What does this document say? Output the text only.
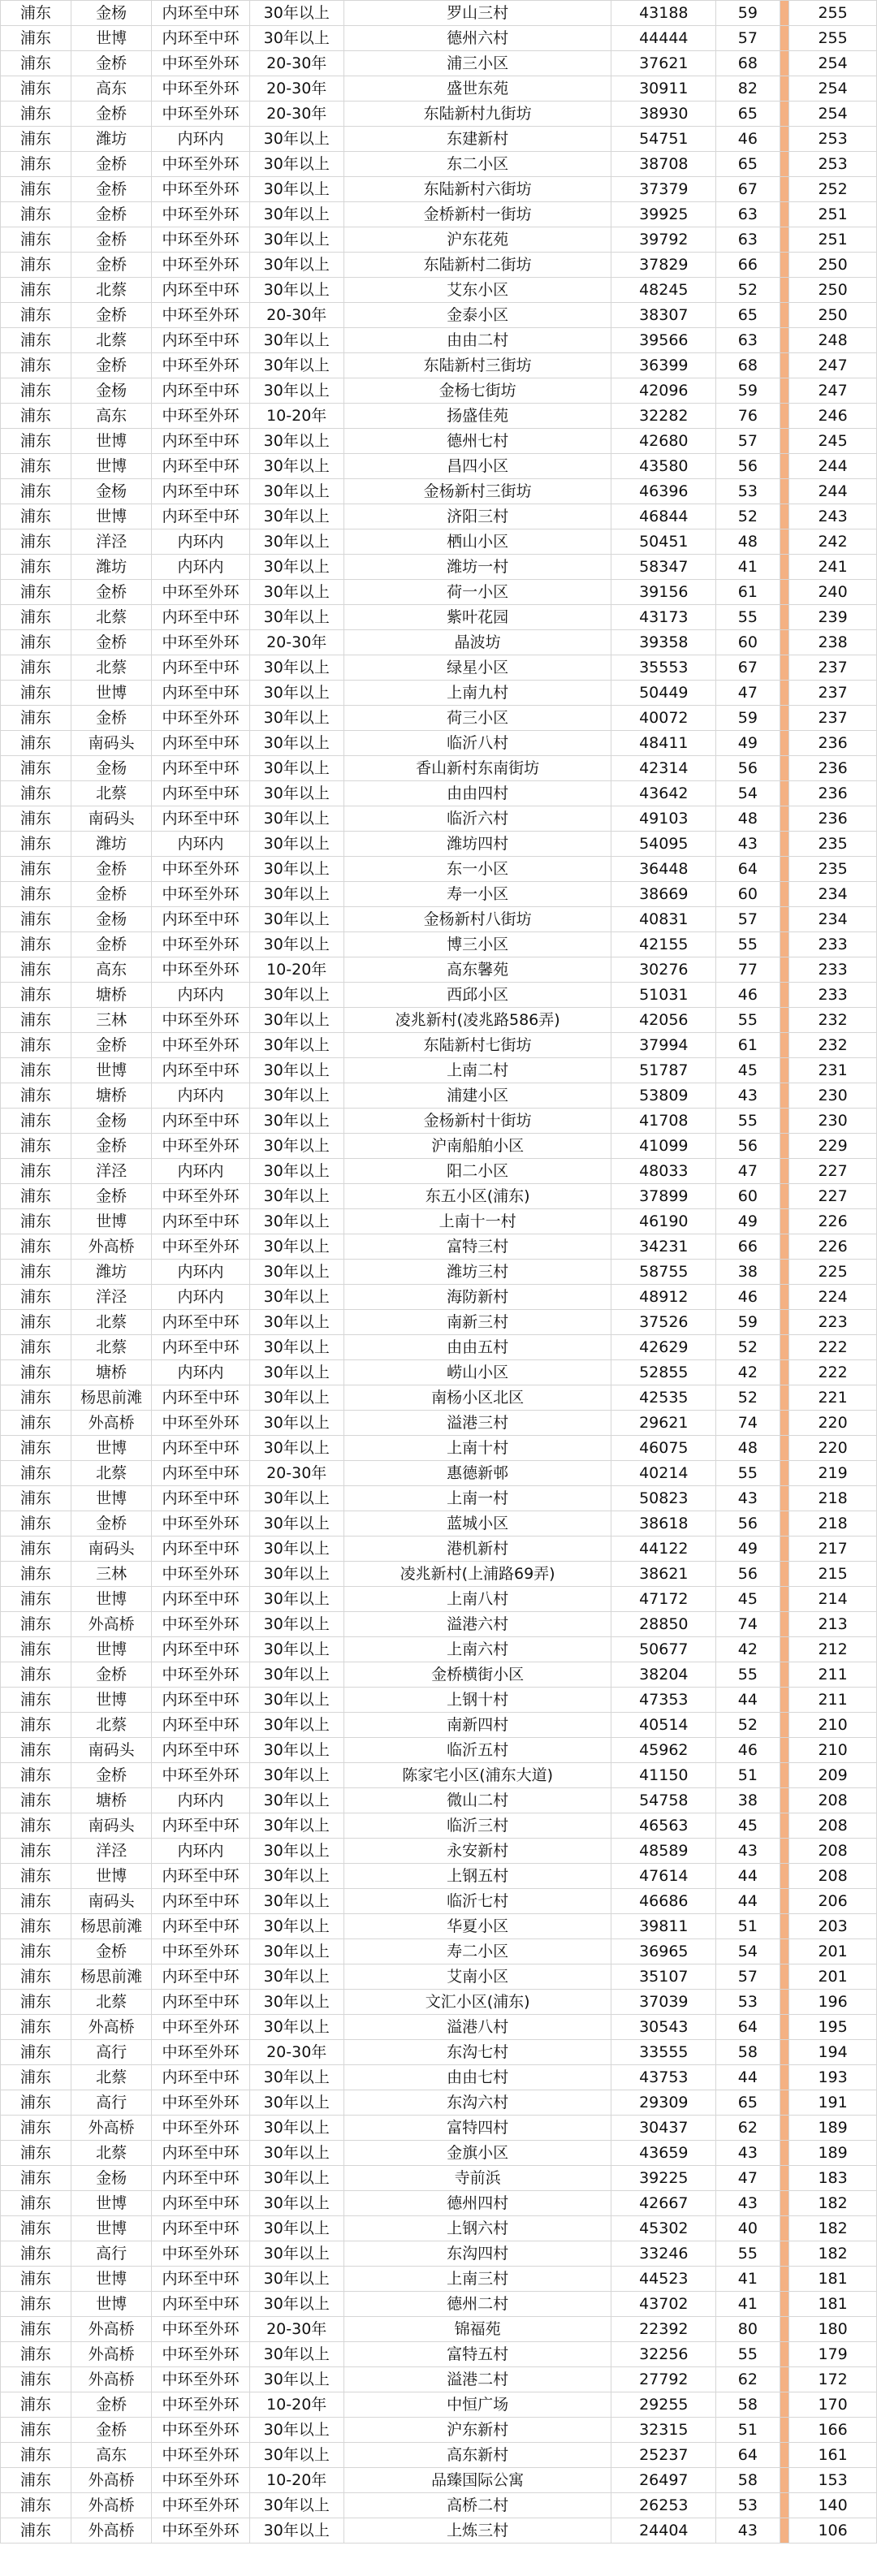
浦东	金杨	内环至中环	30年以上	罗山三村	43188	59		255
浦东	世博	内环至中环	30年以上	德州六村	44444	57		255
浦东	金桥	中环至外环	20-30年	浦三小区	37621	68		254
浦东	高东	中环至外环	20-30年	盛世东苑	30911	82		254
浦东	金桥	中环至外环	20-30年	东陆新村九街坊	38930	65		254
浦东	潍坊	内环内	30年以上	东建新村	54751	46		253
浦东	金桥	中环至外环	30年以上	东二小区	38708	65		253
浦东	金桥	中环至外环	30年以上	东陆新村六街坊	37379	67		252
浦东	金桥	中环至外环	30年以上	金桥新村一街坊	39925	63		251
浦东	金桥	中环至外环	30年以上	沪东花苑	39792	63		251
浦东	金桥	中环至外环	30年以上	东陆新村二街坊	37829	66		250
浦东	北蔡	内环至中环	30年以上	艾东小区	48245	52		250
浦东	金桥	中环至外环	20-30年	金泰小区	38307	65		250
浦东	北蔡	内环至中环	30年以上	由由二村	39566	63		248
浦东	金桥	中环至外环	30年以上	东陆新村三街坊	36399	68		247
浦东	金杨	内环至中环	30年以上	金杨七街坊	42096	59		247
浦东	高东	中环至外环	10-20年	扬盛佳苑	32282	76		246
浦东	世博	内环至中环	30年以上	德州七村	42680	57		245
浦东	世博	内环至中环	30年以上	昌四小区	43580	56		244
浦东	金杨	内环至中环	30年以上	金杨新村三街坊	46396	53		244
浦东	世博	内环至中环	30年以上	济阳三村	46844	52		243
浦东	洋泾	内环内	30年以上	栖山小区	50451	48		242
浦东	潍坊	内环内	30年以上	潍坊一村	58347	41		241
浦东	金桥	中环至外环	30年以上	荷一小区	39156	61		240
浦东	北蔡	内环至中环	30年以上	紫叶花园	43173	55		239
浦东	金桥	中环至外环	20-30年	晶波坊	39358	60		238
浦东	北蔡	内环至中环	30年以上	绿星小区	35553	67		237
浦东	世博	内环至中环	30年以上	上南九村	50449	47		237
浦东	金桥	中环至外环	30年以上	荷三小区	40072	59		237
浦东	南码头	内环至中环	30年以上	临沂八村	48411	49		236
浦东	金杨	内环至中环	30年以上	香山新村东南街坊	42314	56		236
浦东	北蔡	内环至中环	30年以上	由由四村	43642	54		236
浦东	南码头	内环至中环	30年以上	临沂六村	49103	48		236
浦东	潍坊	内环内	30年以上	潍坊四村	54095	43		235
浦东	金桥	中环至外环	30年以上	东一小区	36448	64		235
浦东	金桥	中环至外环	30年以上	寿一小区	38669	60		234
浦东	金杨	内环至中环	30年以上	金杨新村八街坊	40831	57		234
浦东	金桥	中环至外环	30年以上	博三小区	42155	55		233
浦东	高东	中环至外环	10-20年	高东馨苑	30276	77		233
浦东	塘桥	内环内	30年以上	西邱小区	51031	46		233
浦东	三林	中环至外环	30年以上	凌兆新村(凌兆路586弄)	42056	55		232
浦东	金桥	中环至外环	30年以上	东陆新村七街坊	37994	61		232
浦东	世博	内环至中环	30年以上	上南二村	51787	45		231
浦东	塘桥	内环内	30年以上	浦建小区	53809	43		230
浦东	金杨	内环至中环	30年以上	金杨新村十街坊	41708	55		230
浦东	金桥	中环至外环	30年以上	沪南船舶小区	41099	56		229
浦东	洋泾	内环内	30年以上	阳二小区	48033	47		227
浦东	金桥	中环至外环	30年以上	东五小区(浦东)	37899	60		227
浦东	世博	内环至中环	30年以上	上南十一村	46190	49		226
浦东	外高桥	中环至外环	30年以上	富特三村	34231	66		226
浦东	潍坊	内环内	30年以上	潍坊三村	58755	38		225
浦东	洋泾	内环内	30年以上	海防新村	48912	46		224
浦东	北蔡	内环至中环	30年以上	南新三村	37526	59		223
浦东	北蔡	内环至中环	30年以上	由由五村	42629	52		222
浦东	塘桥	内环内	30年以上	崂山小区	52855	42		222
浦东	杨思前滩	内环至中环	30年以上	南杨小区北区	42535	52		221
浦东	外高桥	中环至外环	30年以上	溢港三村	29621	74		220
浦东	世博	内环至中环	30年以上	上南十村	46075	48		220
浦东	北蔡	内环至中环	20-30年	惠德新邨	40214	55		219
浦东	世博	内环至中环	30年以上	上南一村	50823	43		218
浦东	金桥	中环至外环	30年以上	蓝城小区	38618	56		218
浦东	南码头	内环至中环	30年以上	港机新村	44122	49		217
浦东	三林	中环至外环	30年以上	凌兆新村(上浦路69弄)	38621	56		215
浦东	世博	内环至中环	30年以上	上南八村	47172	45		214
浦东	外高桥	中环至外环	30年以上	溢港六村	28850	74		213
浦东	世博	内环至中环	30年以上	上南六村	50677	42		212
浦东	金桥	中环至外环	30年以上	金桥横街小区	38204	55		211
浦东	世博	内环至中环	30年以上	上钢十村	47353	44		211
浦东	北蔡	内环至中环	30年以上	南新四村	40514	52		210
浦东	南码头	内环至中环	30年以上	临沂五村	45962	46		210
浦东	金桥	中环至外环	30年以上	陈家宅小区(浦东大道)	41150	51		209
浦东	塘桥	内环内	30年以上	微山二村	54758	38		208
浦东	南码头	内环至中环	30年以上	临沂三村	46563	45		208
浦东	洋泾	内环内	30年以上	永安新村	48589	43		208
浦东	世博	内环至中环	30年以上	上钢五村	47614	44		208
浦东	南码头	内环至中环	30年以上	临沂七村	46686	44		206
浦东	杨思前滩	内环至中环	30年以上	华夏小区	39811	51		203
浦东	金桥	中环至外环	30年以上	寿二小区	36965	54		201
浦东	杨思前滩	内环至中环	30年以上	艾南小区	35107	57		201
浦东	北蔡	内环至中环	30年以上	文汇小区(浦东)	37039	53		196
浦东	外高桥	中环至外环	30年以上	溢港八村	30543	64		195
浦东	高行	中环至外环	20-30年	东沟七村	33555	58		194
浦东	北蔡	内环至中环	30年以上	由由七村	43753	44		193
浦东	高行	中环至外环	30年以上	东沟六村	29309	65		191
浦东	外高桥	中环至外环	30年以上	富特四村	30437	62		189
浦东	北蔡	内环至中环	30年以上	金旗小区	43659	43		189
浦东	金杨	内环至中环	30年以上	寺前浜	39225	47		183
浦东	世博	内环至中环	30年以上	德州四村	42667	43		182
浦东	世博	内环至中环	30年以上	上钢六村	45302	40		182
浦东	高行	中环至外环	30年以上	东沟四村	33246	55		182
浦东	世博	内环至中环	30年以上	上南三村	44523	41		181
浦东	世博	内环至中环	30年以上	德州二村	43702	41		181
浦东	外高桥	中环至外环	20-30年	锦福苑	22392	80		180
浦东	外高桥	中环至外环	30年以上	富特五村	32256	55		179
浦东	外高桥	中环至外环	30年以上	溢港二村	27792	62		172
浦东	金桥	中环至外环	10-20年	中恒广场	29255	58		170
浦东	金桥	中环至外环	30年以上	沪东新村	32315	51		166
浦东	高东	中环至外环	30年以上	高东新村	25237	64		161
浦东	外高桥	中环至外环	10-20年	品臻国际公寓	26497	58		153
浦东	外高桥	中环至外环	30年以上	高桥二村	26253	53		140
浦东	外高桥	中环至外环	30年以上	上炼三村	24404	43		106
